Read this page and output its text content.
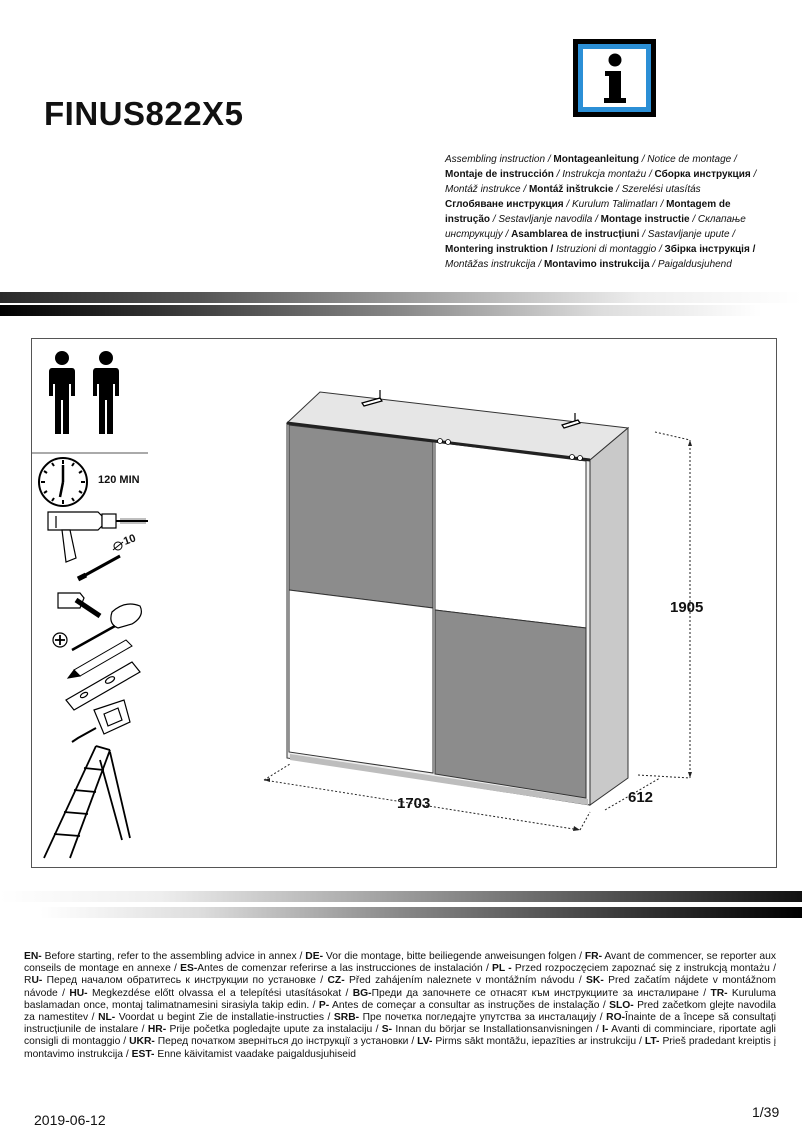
FINUS822X5

Assembling instruction / Montageanleitung / Notice de montage /
Montaje de instrucción / Instrukcja montażu / Сборка инструкция /
Montáž instrukce / Montáž inštrukcie / Szerelési utasítás
Сглобяване инструкция / Kurulum Talimatları / Montagem de
instrução / Sestavljanje navodila / Montage instructie / Склапање
инструкцију / Asamblarea de instrucțiuni / Sastavljanje upute /
Montering instruktion / Istruzioni di montaggio / Збірка інструкція /
Montāžas instrukcija / Montavimo instrukcija / Paigaldusjuhend

120 MIN
10
1905
1703	612

EN- Before starting, refer to the assembling advice in annex / DE- Vor die montage, bitte beiliegende anweisungen folgen / FR- Avant de commencer, se reporter aux conseils de montage en annexe / ES-Antes de comenzar referirse a las instrucciones de instalación / PL - Przed rozpoczęciem zapoznać się z instrukcją montażu / RU- Перед началом обратитесь к инструкции по установке / CZ- Před zahájením naleznete v montážním návodu / SK- Pred začatím nájdete v montážnom návode / HU- Megkezdése előtt olvassa el a telepítési utasításokat / BG-Преди да започнете се отнасят към инструкциите за инсталиране / TR- Kuruluma baslamadan once, montaj talimatnamesini sirasiyla takip edin. / P- Antes de começar a consultar as instruções de instalação / SLO- Pred začetkom glejte navodila za namestitev / NL- Voordat u begint Zie de installatie-instructies / SRB- Пре почетка погледајте упутства за инсталацију / RO-Înainte de a începe să consultați instrucțiunile de instalare / HR- Prije početka pogledajte upute za instalaciju / S- Innan du börjar se Installationsanvisningen / I- Avanti di comminciare, riportate agli consigli di montaggio / UKR- Перед початком зверніться до інструкції з установки / LV- Pirms sākt montāžu, iepazīties ar instrukciju / LT- Prieš pradedant kreiptis į montavimo instrukcija / EST- Enne käivitamist vaadake paigaldusjuhiseid

2019-06-12	1/39
